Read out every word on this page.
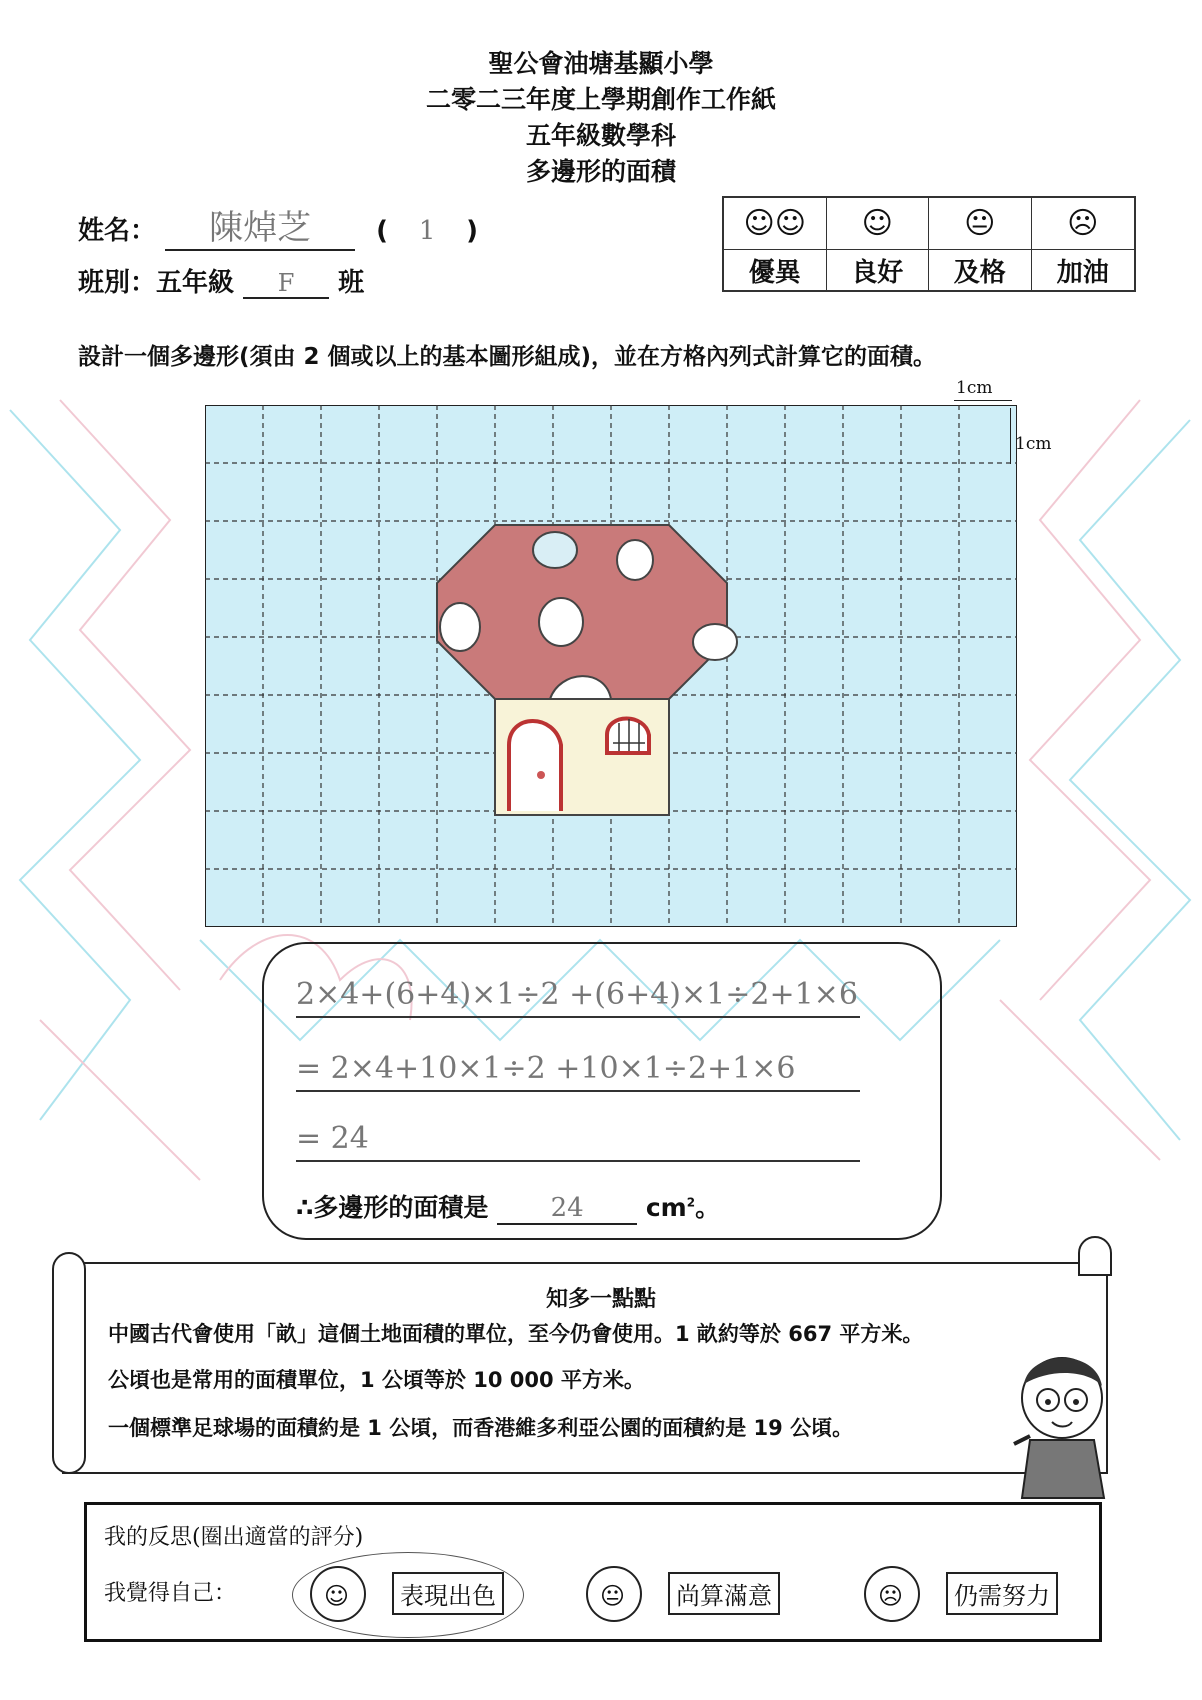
聖公會油塘基顯小學
二零二三年度上學期創作工作紙
五年級數學科
多邊形的面積
姓名： 陳焯芝	( 1 )
班別：五年級 F 班
☺☺	☺	😐	☹
優異	良好	及格	加油
設計一個多邊形(須由 2 個或以上的基本圖形組成)，並在方格內列式計算它的面積。
1cm
1cm
2×4+(6+4)×1÷2 +(6+4)×1÷2+1×6
= 2×4+10×1÷2 +10×1÷2+1×6
= 24
∴多邊形的面積是 24 $cm^2$。
知多一點點
中國古代會使用「畝」這個土地面積的單位，至今仍會使用。1 畝約等於 667 平方米。
公頃也是常用的面積單位，1 公頃等於 10 000 平方米。
一個標準足球場的面積約是 1 公頃，而香港維多利亞公園的面積約是 19 公頃。
我的反思(圈出適當的評分)
我覺得自己：	☺	表現出色	😐	尚算滿意	☹	仍需努力
